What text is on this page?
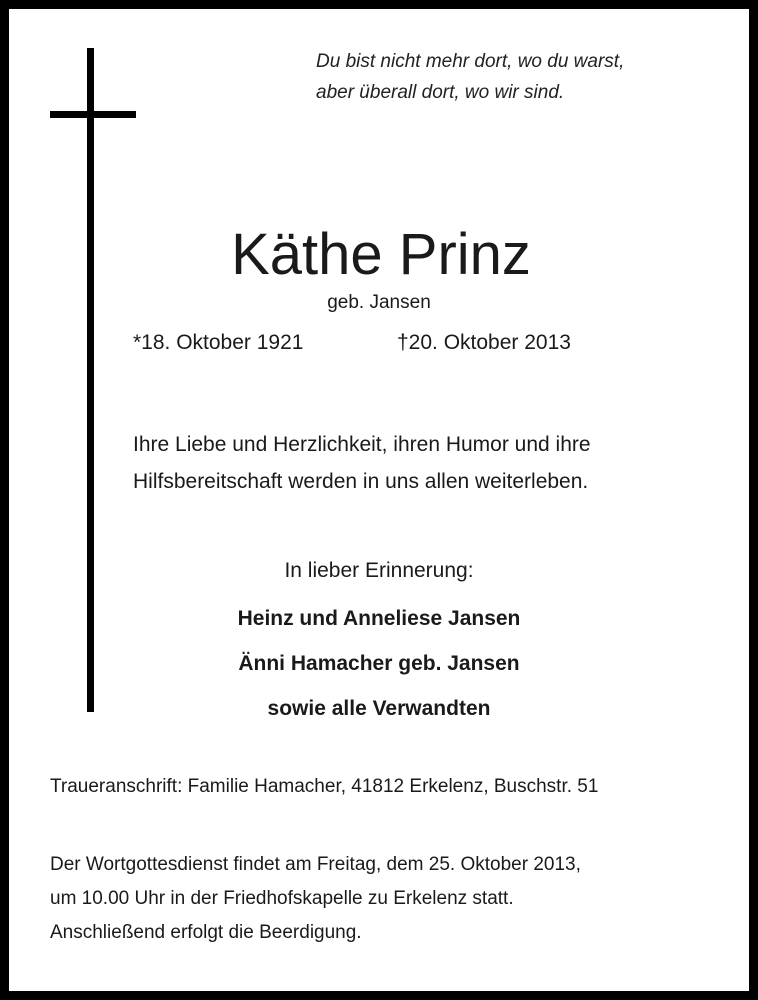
Du bist nicht mehr dort, wo du warst,
aber überall dort, wo wir sind.
Käthe Prinz
geb. Jansen
*18. Oktober 1921	†20. Oktober 2013
Ihre Liebe und Herzlichkeit, ihren Humor und ihre
Hilfsbereitschaft werden in uns allen weiterleben.
In lieber Erinnerung:
Heinz und Anneliese Jansen
Änni Hamacher geb. Jansen
sowie alle Verwandten
Traueranschrift: Familie Hamacher, 41812 Erkelenz, Buschstr. 51
Der Wortgottesdienst findet am Freitag, dem 25. Oktober 2013,
um 10.00 Uhr in der Friedhofskapelle zu Erkelenz statt.
Anschließend erfolgt die Beerdigung.
